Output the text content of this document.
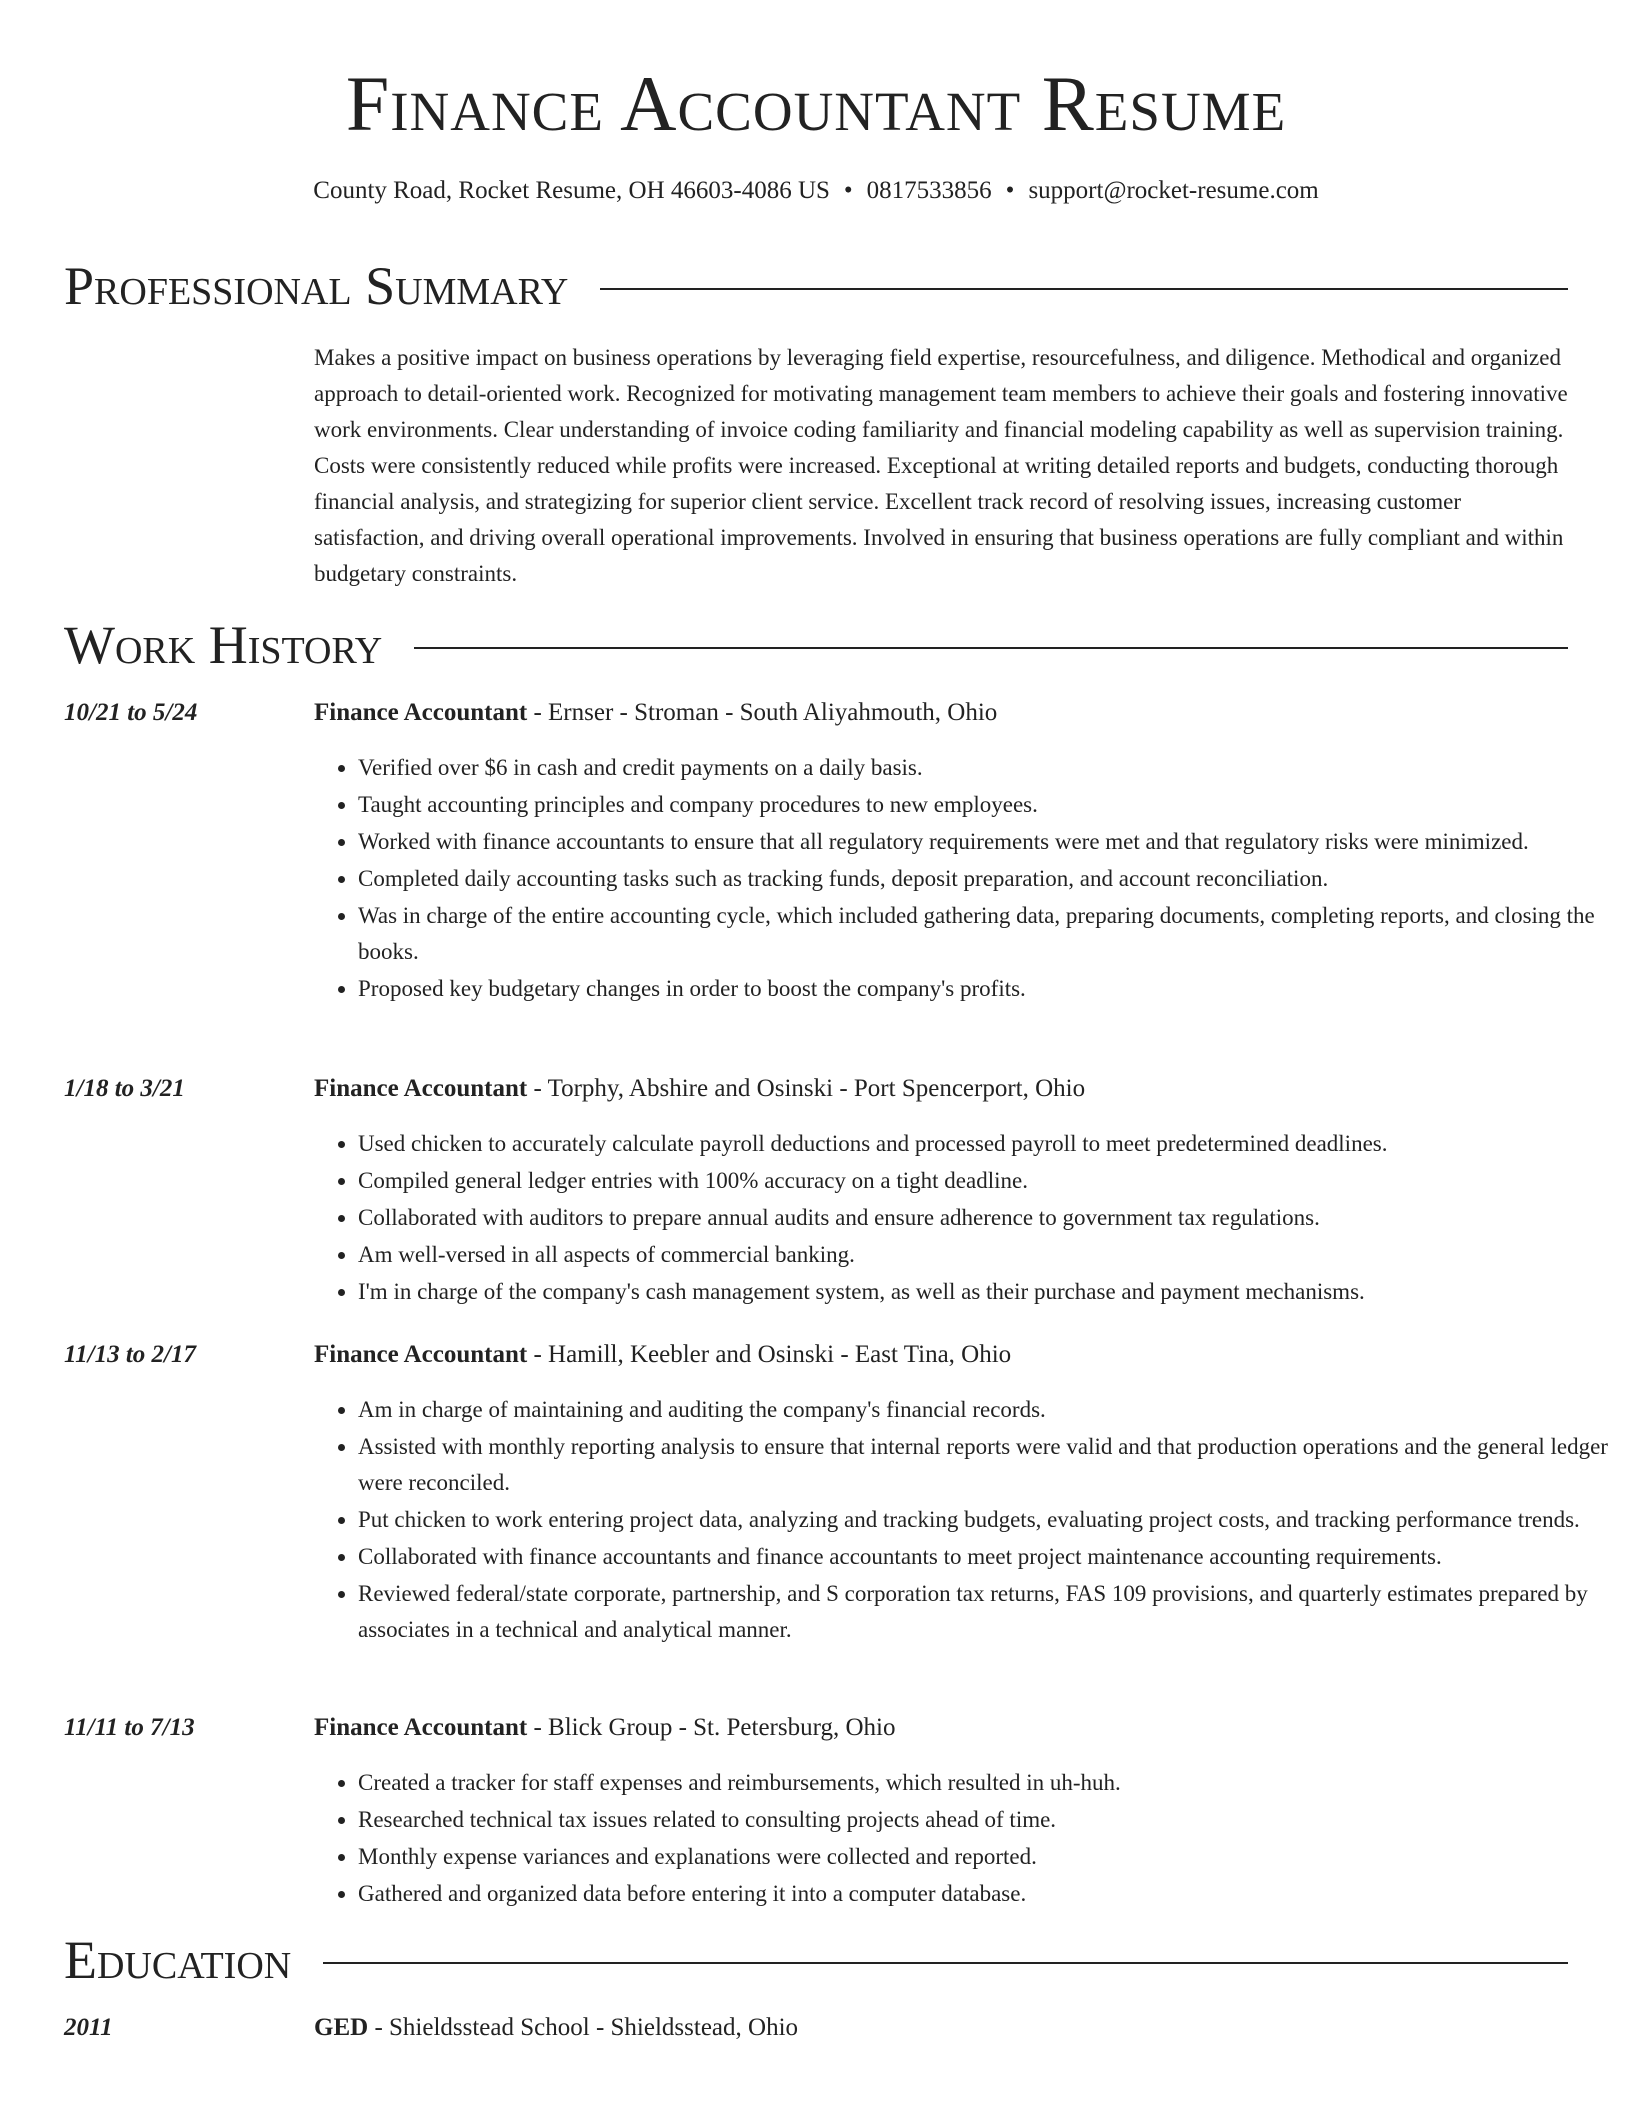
Finance Accountant Resume
County Road, Rocket Resume, OH 46603-4086 US • 0817533856 • support@rocket-resume.com
Professional Summary
Makes a positive impact on business operations by leveraging field expertise, resourcefulness, and diligence. Methodical and organized approach to detail-oriented work. Recognized for motivating management team members to achieve their goals and fostering innovative work environments. Clear understanding of invoice coding familiarity and financial modeling capability as well as supervision training. Costs were consistently reduced while profits were increased. Exceptional at writing detailed reports and budgets, conducting thorough financial analysis, and strategizing for superior client service. Excellent track record of resolving issues, increasing customer satisfaction, and driving overall operational improvements. Involved in ensuring that business operations are fully compliant and within budgetary constraints.
Work History
10/21 to 5/24	Finance Accountant - Ernser - Stroman - South Aliyahmouth, Ohio
• Verified over $6 in cash and credit payments on a daily basis.
• Taught accounting principles and company procedures to new employees.
• Worked with finance accountants to ensure that all regulatory requirements were met and that regulatory risks were minimized.
• Completed daily accounting tasks such as tracking funds, deposit preparation, and account reconciliation.
• Was in charge of the entire accounting cycle, which included gathering data, preparing documents, completing reports, and closing the books.
• Proposed key budgetary changes in order to boost the company's profits.
1/18 to 3/21	Finance Accountant - Torphy, Abshire and Osinski - Port Spencerport, Ohio
• Used chicken to accurately calculate payroll deductions and processed payroll to meet predetermined deadlines.
• Compiled general ledger entries with 100% accuracy on a tight deadline.
• Collaborated with auditors to prepare annual audits and ensure adherence to government tax regulations.
• Am well-versed in all aspects of commercial banking.
• I'm in charge of the company's cash management system, as well as their purchase and payment mechanisms.
11/13 to 2/17	Finance Accountant - Hamill, Keebler and Osinski - East Tina, Ohio
• Am in charge of maintaining and auditing the company's financial records.
• Assisted with monthly reporting analysis to ensure that internal reports were valid and that production operations and the general ledger were reconciled.
• Put chicken to work entering project data, analyzing and tracking budgets, evaluating project costs, and tracking performance trends.
• Collaborated with finance accountants and finance accountants to meet project maintenance accounting requirements.
• Reviewed federal/state corporate, partnership, and S corporation tax returns, FAS 109 provisions, and quarterly estimates prepared by associates in a technical and analytical manner.
11/11 to 7/13	Finance Accountant - Blick Group - St. Petersburg, Ohio
• Created a tracker for staff expenses and reimbursements, which resulted in uh-huh.
• Researched technical tax issues related to consulting projects ahead of time.
• Monthly expense variances and explanations were collected and reported.
• Gathered and organized data before entering it into a computer database.
Education
2011	GED - Shieldsstead School - Shieldsstead, Ohio
